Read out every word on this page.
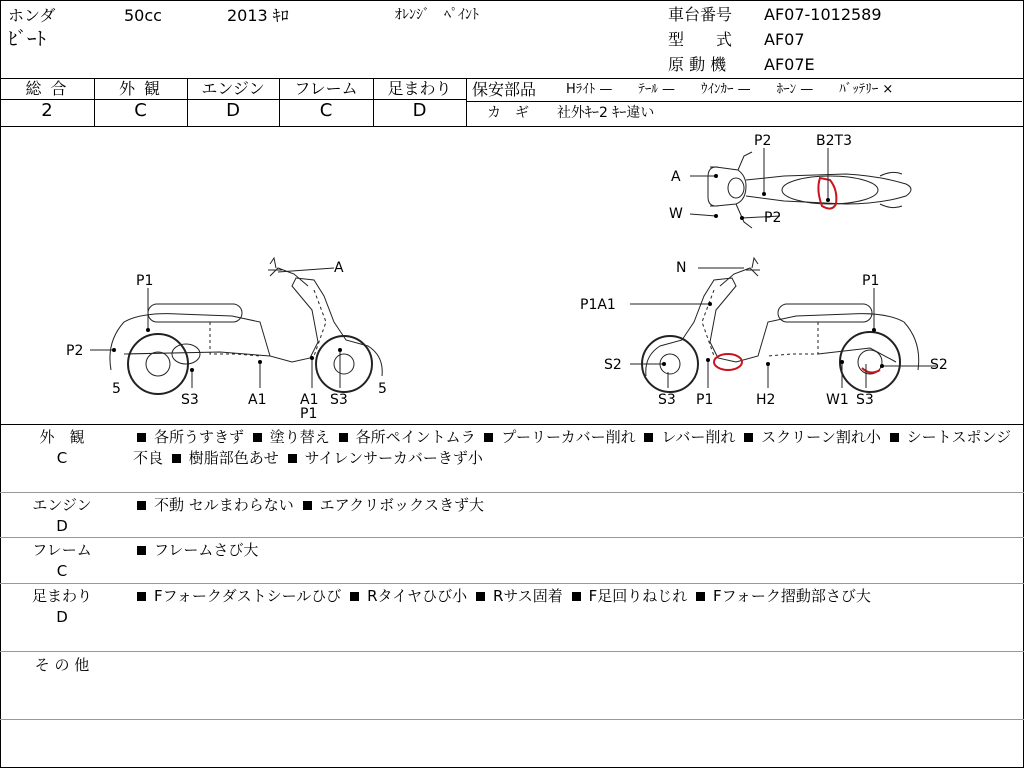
ホンダ	50cc	2013 ｷﾛ	ｵﾚﾝｼﾞ　ﾍﾟｲﾝﾄ
ﾋﾞｰﾄ
車台番号 AF07-1012589
型　　式 AF07
原 動 機 AF07E
総 合	外 観	エンジン	フレーム	足まわり
2	C	D	C	D
保安部品 Hﾗｲﾄ —　　ﾃｰﾙ —　　ｳｲﾝｶｰ —　　ﾎｰﾝ —　　ﾊﾞｯﾃﾘｰ ×
カ　ギ　　社外ｷｰ2 ｷｰ違い
P2	B2T3
A
W	P2
A
P1
P2
5
S3	A1 A1
P1
S3
5
N
P1
P1A1
S2
S3 P1	H2	W1 S3
S2
外　観
C
各所うすきず 塗り替え 各所ペイントムラ プーリーカバー削れ レバー削れ スクリーン割れ小 シートスポンジ不良 樹脂部色あせ サイレンサーカバーきず小
エンジン
D
不動 セルまわらない エアクリボックスきず大
フレーム
C
フレームさび大
足まわり
D
Fフォークダストシールひび Rタイヤひび小 Rサス固着 F足回りねじれ Fフォーク摺動部さび大
そ の 他
